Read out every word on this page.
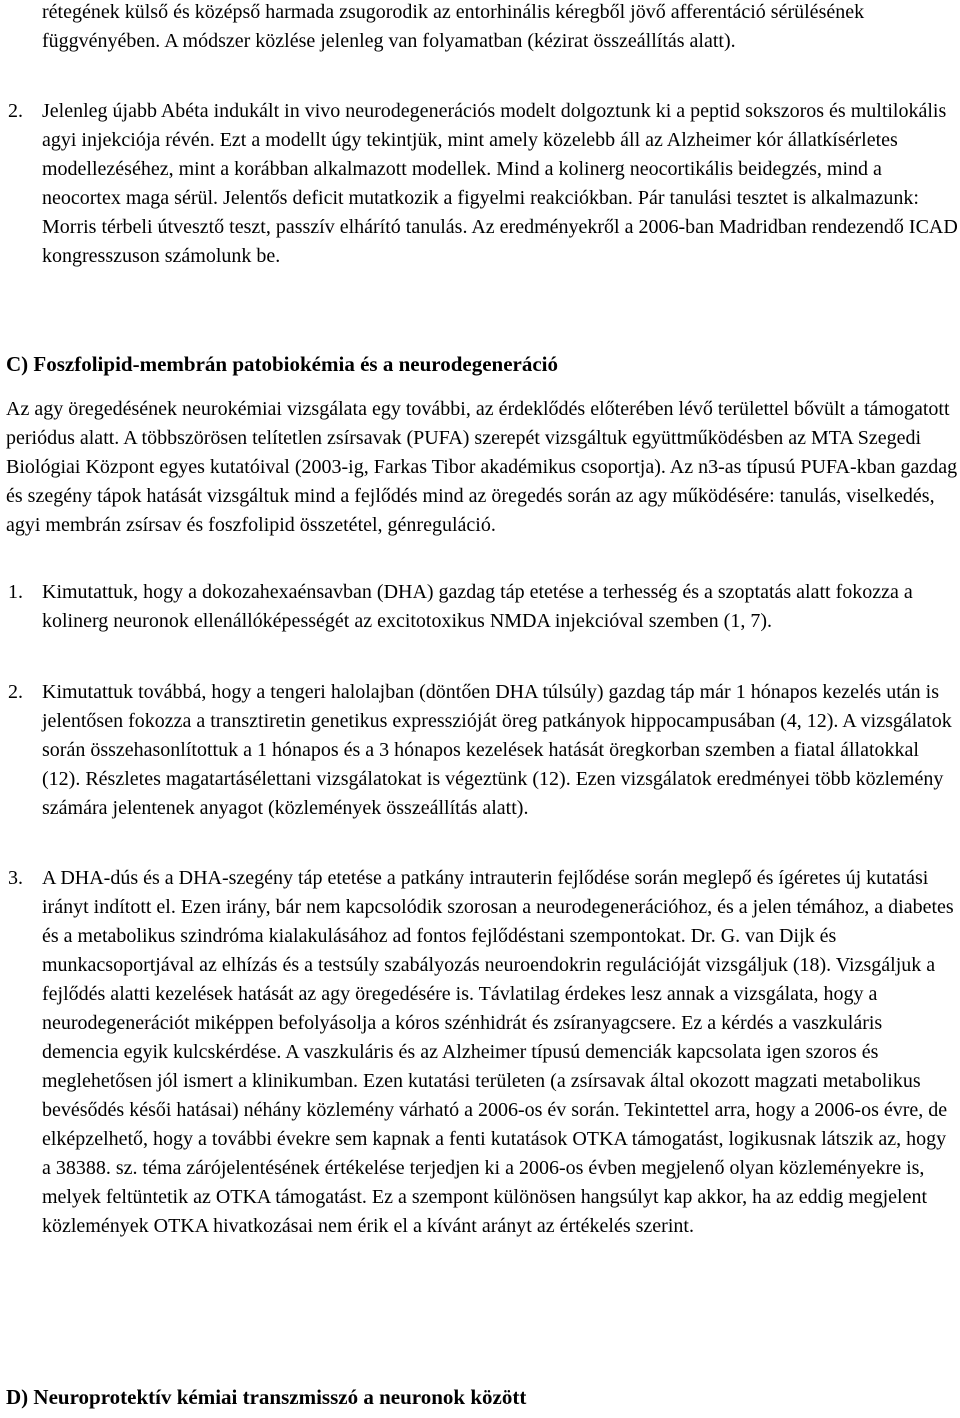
rétegének külső és középső harmada zsugorodik az entorhinális kéregből jövő afferentáció sérülésének függvényében. A módszer közlése jelenleg van folyamatban (kézirat összeállítás alatt).
2. Jelenleg újabb Abéta indukált in vivo neurodegenerációs modelt dolgoztunk ki a peptid sokszoros és multilokális agyi injekciója révén. Ezt a modellt úgy tekintjük, mint amely közelebb áll az Alzheimer kór állatkísérletes modellezéséhez, mint a korábban alkalmazott modellek. Mind a kolinerg neocortikális beidegzés, mind a neocortex maga sérül. Jelentős deficit mutatkozik a figyelmi reakciókban. Pár tanulási tesztet is alkalmazunk: Morris térbeli útvesztő teszt, passzív elhárító tanulás. Az eredményekről a 2006-ban Madridban rendezendő ICAD kongresszuson számolunk be.
C) Foszfolipid-membrán patobiokémia és a neurodegeneráció
Az agy öregedésének neurokémiai vizsgálata egy további, az érdeklődés előterében lévő területtel bővült a támogatott periódus alatt. A többszörösen telítetlen zsírsavak (PUFA) szerepét vizsgáltuk együttműködésben az MTA Szegedi Biológiai Központ egyes kutatóival (2003-ig, Farkas Tibor akadémikus csoportja). Az n3-as típusú PUFA-kban gazdag és szegény tápok hatását vizsgáltuk mind a fejlődés mind az öregedés során az agy működésére: tanulás, viselkedés, agyi membrán zsírsav és foszfolipid összetétel, génreguláció.
1. Kimutattuk, hogy a dokozahexaénsavban (DHA) gazdag táp etetése a terhesség és a szoptatás alatt fokozza a kolinerg neuronok ellenállóképességét az excitotoxikus NMDA injekcióval szemben (1, 7).
2. Kimutattuk továbbá, hogy a tengeri halolajban (döntően DHA túlsúly) gazdag táp már 1 hónapos kezelés után is jelentősen fokozza a transztiretin genetikus expresszióját öreg patkányok hippocampusában (4, 12). A vizsgálatok során összehasonlítottuk a 1 hónapos és a 3 hónapos kezelések hatását öregkorban szemben a fiatal állatokkal (12). Részletes magatartásélettani vizsgálatokat is végeztünk (12). Ezen vizsgálatok eredményei több közlemény számára jelentenek anyagot (közlemények összeállítás alatt).
3. A DHA-dús és a DHA-szegény táp etetése a patkány intrauterin fejlődése során meglepő és ígéretes új kutatási irányt indított el. Ezen irány, bár nem kapcsolódik szorosan a neurodegenerációhoz, és a jelen témához, a diabetes és a metabolikus szindróma kialakulásához ad fontos fejlődéstani szempontokat. Dr. G. van Dijk és munkacsoportjával az elhízás és a testsúly szabályozás neuroendokrin regulációját vizsgáljuk (18). Vizsgáljuk a fejlődés alatti kezelések hatását az agy öregedésére is. Távlatilag érdekes lesz annak a vizsgálata, hogy a neurodegenerációt miképpen befolyásolja a kóros szénhidrát és zsíranyagcsere. Ez a kérdés a vaszkuláris demencia egyik kulcskérdése. A vaszkuláris és az Alzheimer típusú demenciák kapcsolata igen szoros és meglehetősen jól ismert a klinikumban. Ezen kutatási területen (a zsírsavak által okozott magzati metabolikus bevésődés késői hatásai) néhány közlemény várható a 2006-os év során. Tekintettel arra, hogy a 2006-os évre, de elképzelhető, hogy a további évekre sem kapnak a fenti kutatások OTKA támogatást, logikusnak látszik az, hogy a 38388. sz. téma zárójelentésének értékelése terjedjen ki a 2006-os évben megjelenő olyan közleményekre is, melyek feltüntetik az OTKA támogatást. Ez a szempont különösen hangsúlyt kap akkor, ha az eddig megjelent közlemények OTKA hivatkozásai nem érik el a kívánt arányt az értékelés szerint.
D) Neuroprotektív kémiai transzmisszó a neuronok között
